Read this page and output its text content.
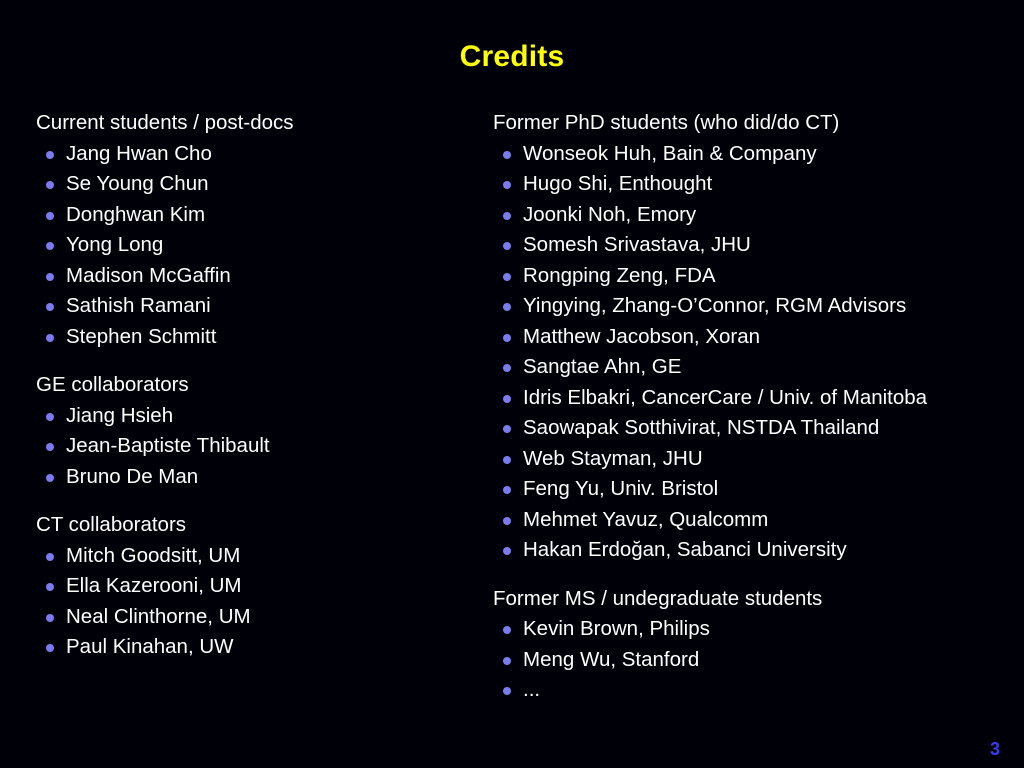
Credits
Current students / post-docs
Jang Hwan Cho
Se Young Chun
Donghwan Kim
Yong Long
Madison McGaffin
Sathish Ramani
Stephen Schmitt
GE collaborators
Jiang Hsieh
Jean-Baptiste Thibault
Bruno De Man
CT collaborators
Mitch Goodsitt, UM
Ella Kazerooni, UM
Neal Clinthorne, UM
Paul Kinahan, UW
Former PhD students (who did/do CT)
Wonseok Huh, Bain & Company
Hugo Shi, Enthought
Joonki Noh, Emory
Somesh Srivastava, JHU
Rongping Zeng, FDA
Yingying, Zhang-O’Connor, RGM Advisors
Matthew Jacobson, Xoran
Sangtae Ahn, GE
Idris Elbakri, CancerCare / Univ. of Manitoba
Saowapak Sotthivirat, NSTDA Thailand
Web Stayman, JHU
Feng Yu, Univ. Bristol
Mehmet Yavuz, Qualcomm
Hakan Erdoğan, Sabanci University
Former MS / undegraduate students
Kevin Brown, Philips
Meng Wu, Stanford
...
3
